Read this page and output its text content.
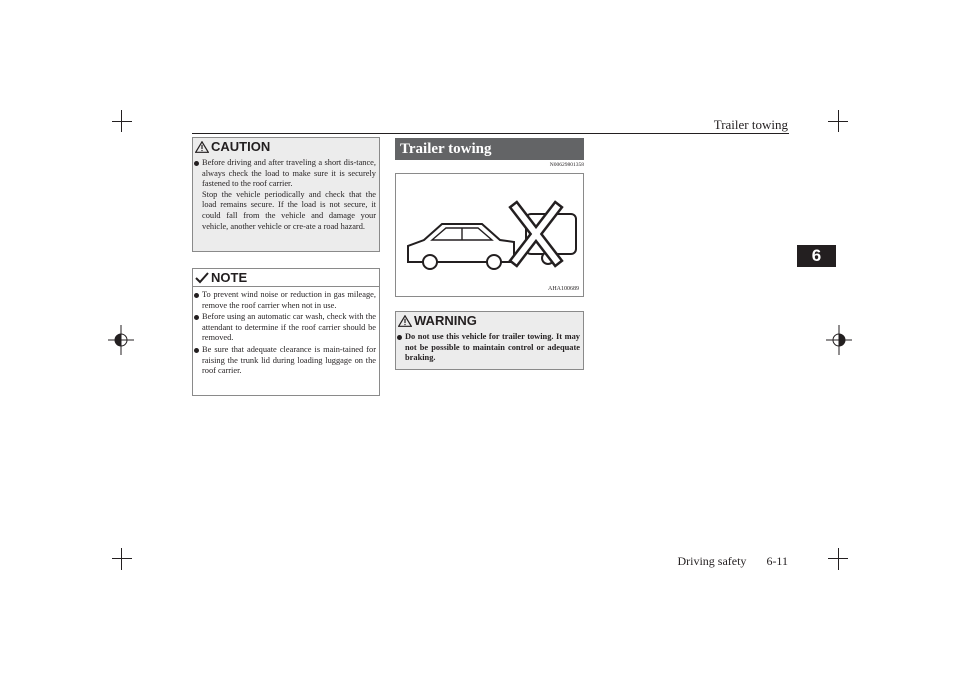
Trailer towing
6
CAUTION
Before driving and after traveling a short dis-tance, always check the load to make sure it is securely fastened to the roof carrier.
Stop the vehicle periodically and check that the load remains secure. If the load is not secure, it could fall from the vehicle and damage your vehicle, another vehicle or cre-ate a road hazard.
NOTE
To prevent wind noise or reduction in gas mileage, remove the roof carrier when not in use.
Before using an automatic car wash, check with the attendant to determine if the roof carrier should be removed.
Be sure that adequate clearance is main-tained for raising the trunk lid during loading luggage on the roof carrier.
Trailer towing
N00629801358
AHA100689
WARNING
Do not use this vehicle for trailer towing. It may not be possible to maintain control or adequate braking.
Driving safety 6-11
